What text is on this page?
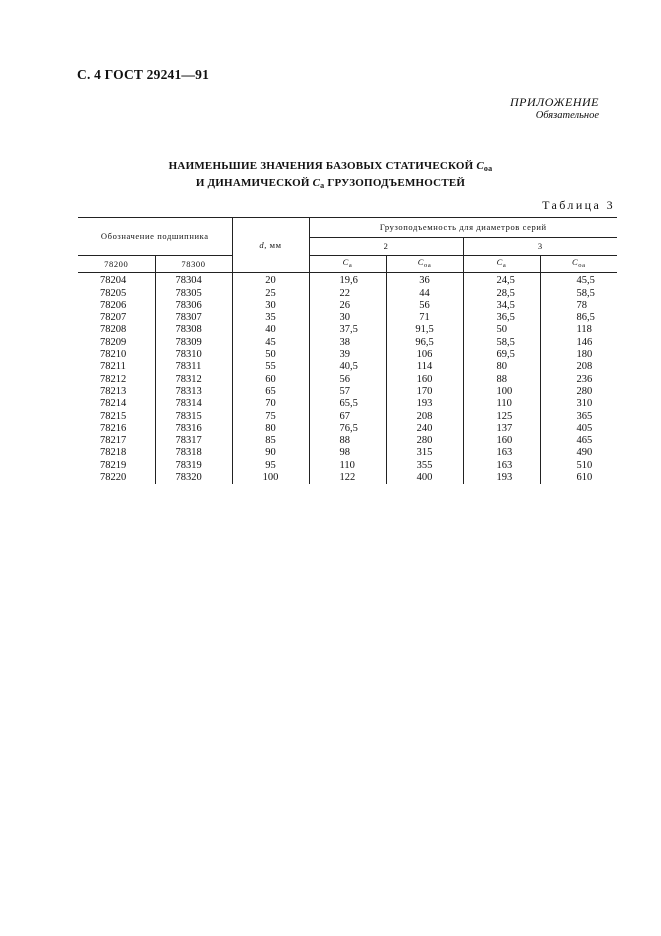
С. 4 ГОСТ 29241—91
ПРИЛОЖЕНИЕ
Обязательное
НАИМЕНЬШИЕ ЗНАЧЕНИЯ БАЗОВЫХ СТАТИЧЕСКОЙ $C_{oa}$
И ДИНАМИЧЕСКОЙ $C_a$ ГРУЗОПОДЪЕМНОСТЕЙ
Таблица 3
Обозначение подшипника		d, мм	Грузоподъемность для диаметров серий			
			2		3	
78200	78300		$C_a$	$C_{oa}$	$C_a$	$C_{oa}$
78204	78304	20	19,6	36	24,5	45,5
78205	78305	25	22	44	28,5	58,5
78206	78306	30	26	56	34,5	78
78207	78307	35	30	71	36,5	86,5
78208	78308	40	37,5	91,5	50	118
78209	78309	45	38	96,5	58,5	146
78210	78310	50	39	106	69,5	180
78211	78311	55	40,5	114	80	208
78212	78312	60	56	160	88	236
78213	78313	65	57	170	100	280
78214	78314	70	65,5	193	110	310
78215	78315	75	67	208	125	365
78216	78316	80	76,5	240	137	405
78217	78317	85	88	280	160	465
78218	78318	90	98	315	163	490
78219	78319	95	110	355	163	510
78220	78320	100	122	400	193	610
